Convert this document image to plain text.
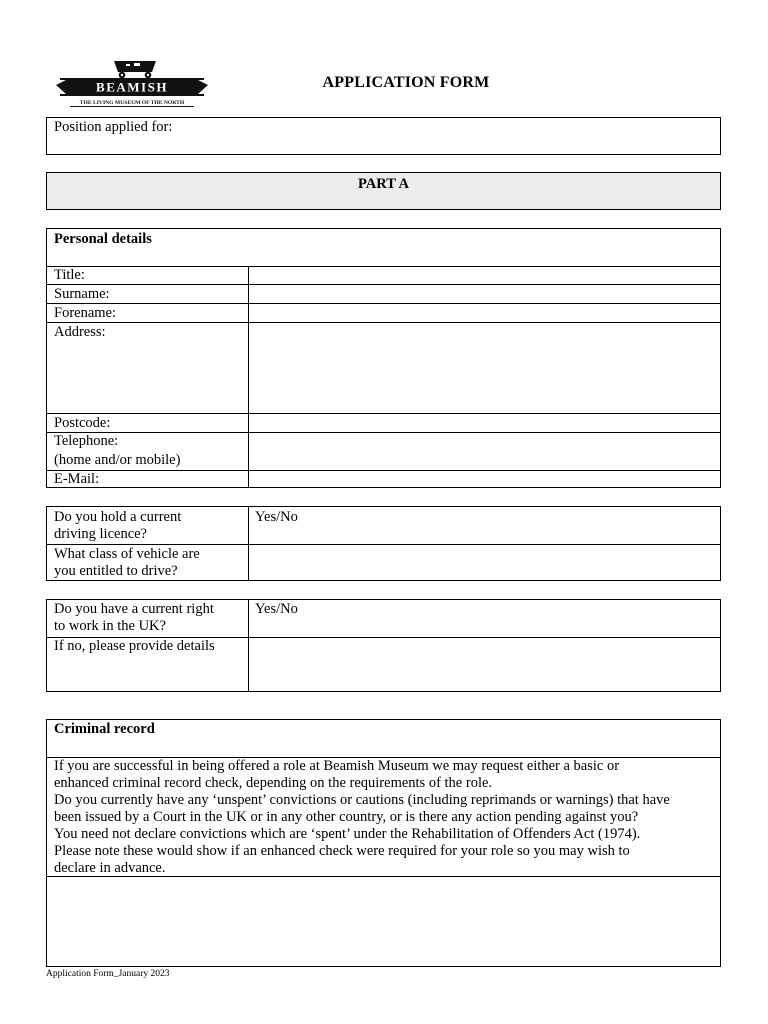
BEAMISH
THE LIVING MUSEUM OF THE NORTH
APPLICATION FORM
Position applied for:
PART A
Personal details
Title:
Surname:
Forename:
Address:
Postcode:
Telephone:
(home and/or mobile)
E-Mail:
Do you hold a current
driving licence?
Yes/No
What class of vehicle are
you entitled to drive?
Do you have a current right
to work in the UK?
Yes/No
If no, please provide details
Criminal record
If you are successful in being offered a role at Beamish Museum we may request either a basic or
enhanced criminal record check, depending on the requirements of the role.
Do you currently have any ‘unspent’ convictions or cautions (including reprimands or warnings) that have
been issued by a Court in the UK or in any other country, or is there any action pending against you?
You need not declare convictions which are ‘spent’ under the Rehabilitation of Offenders Act (1974).
Please note these would show if an enhanced check were required for your role so you may wish to
declare in advance.
Application Form_January 2023
